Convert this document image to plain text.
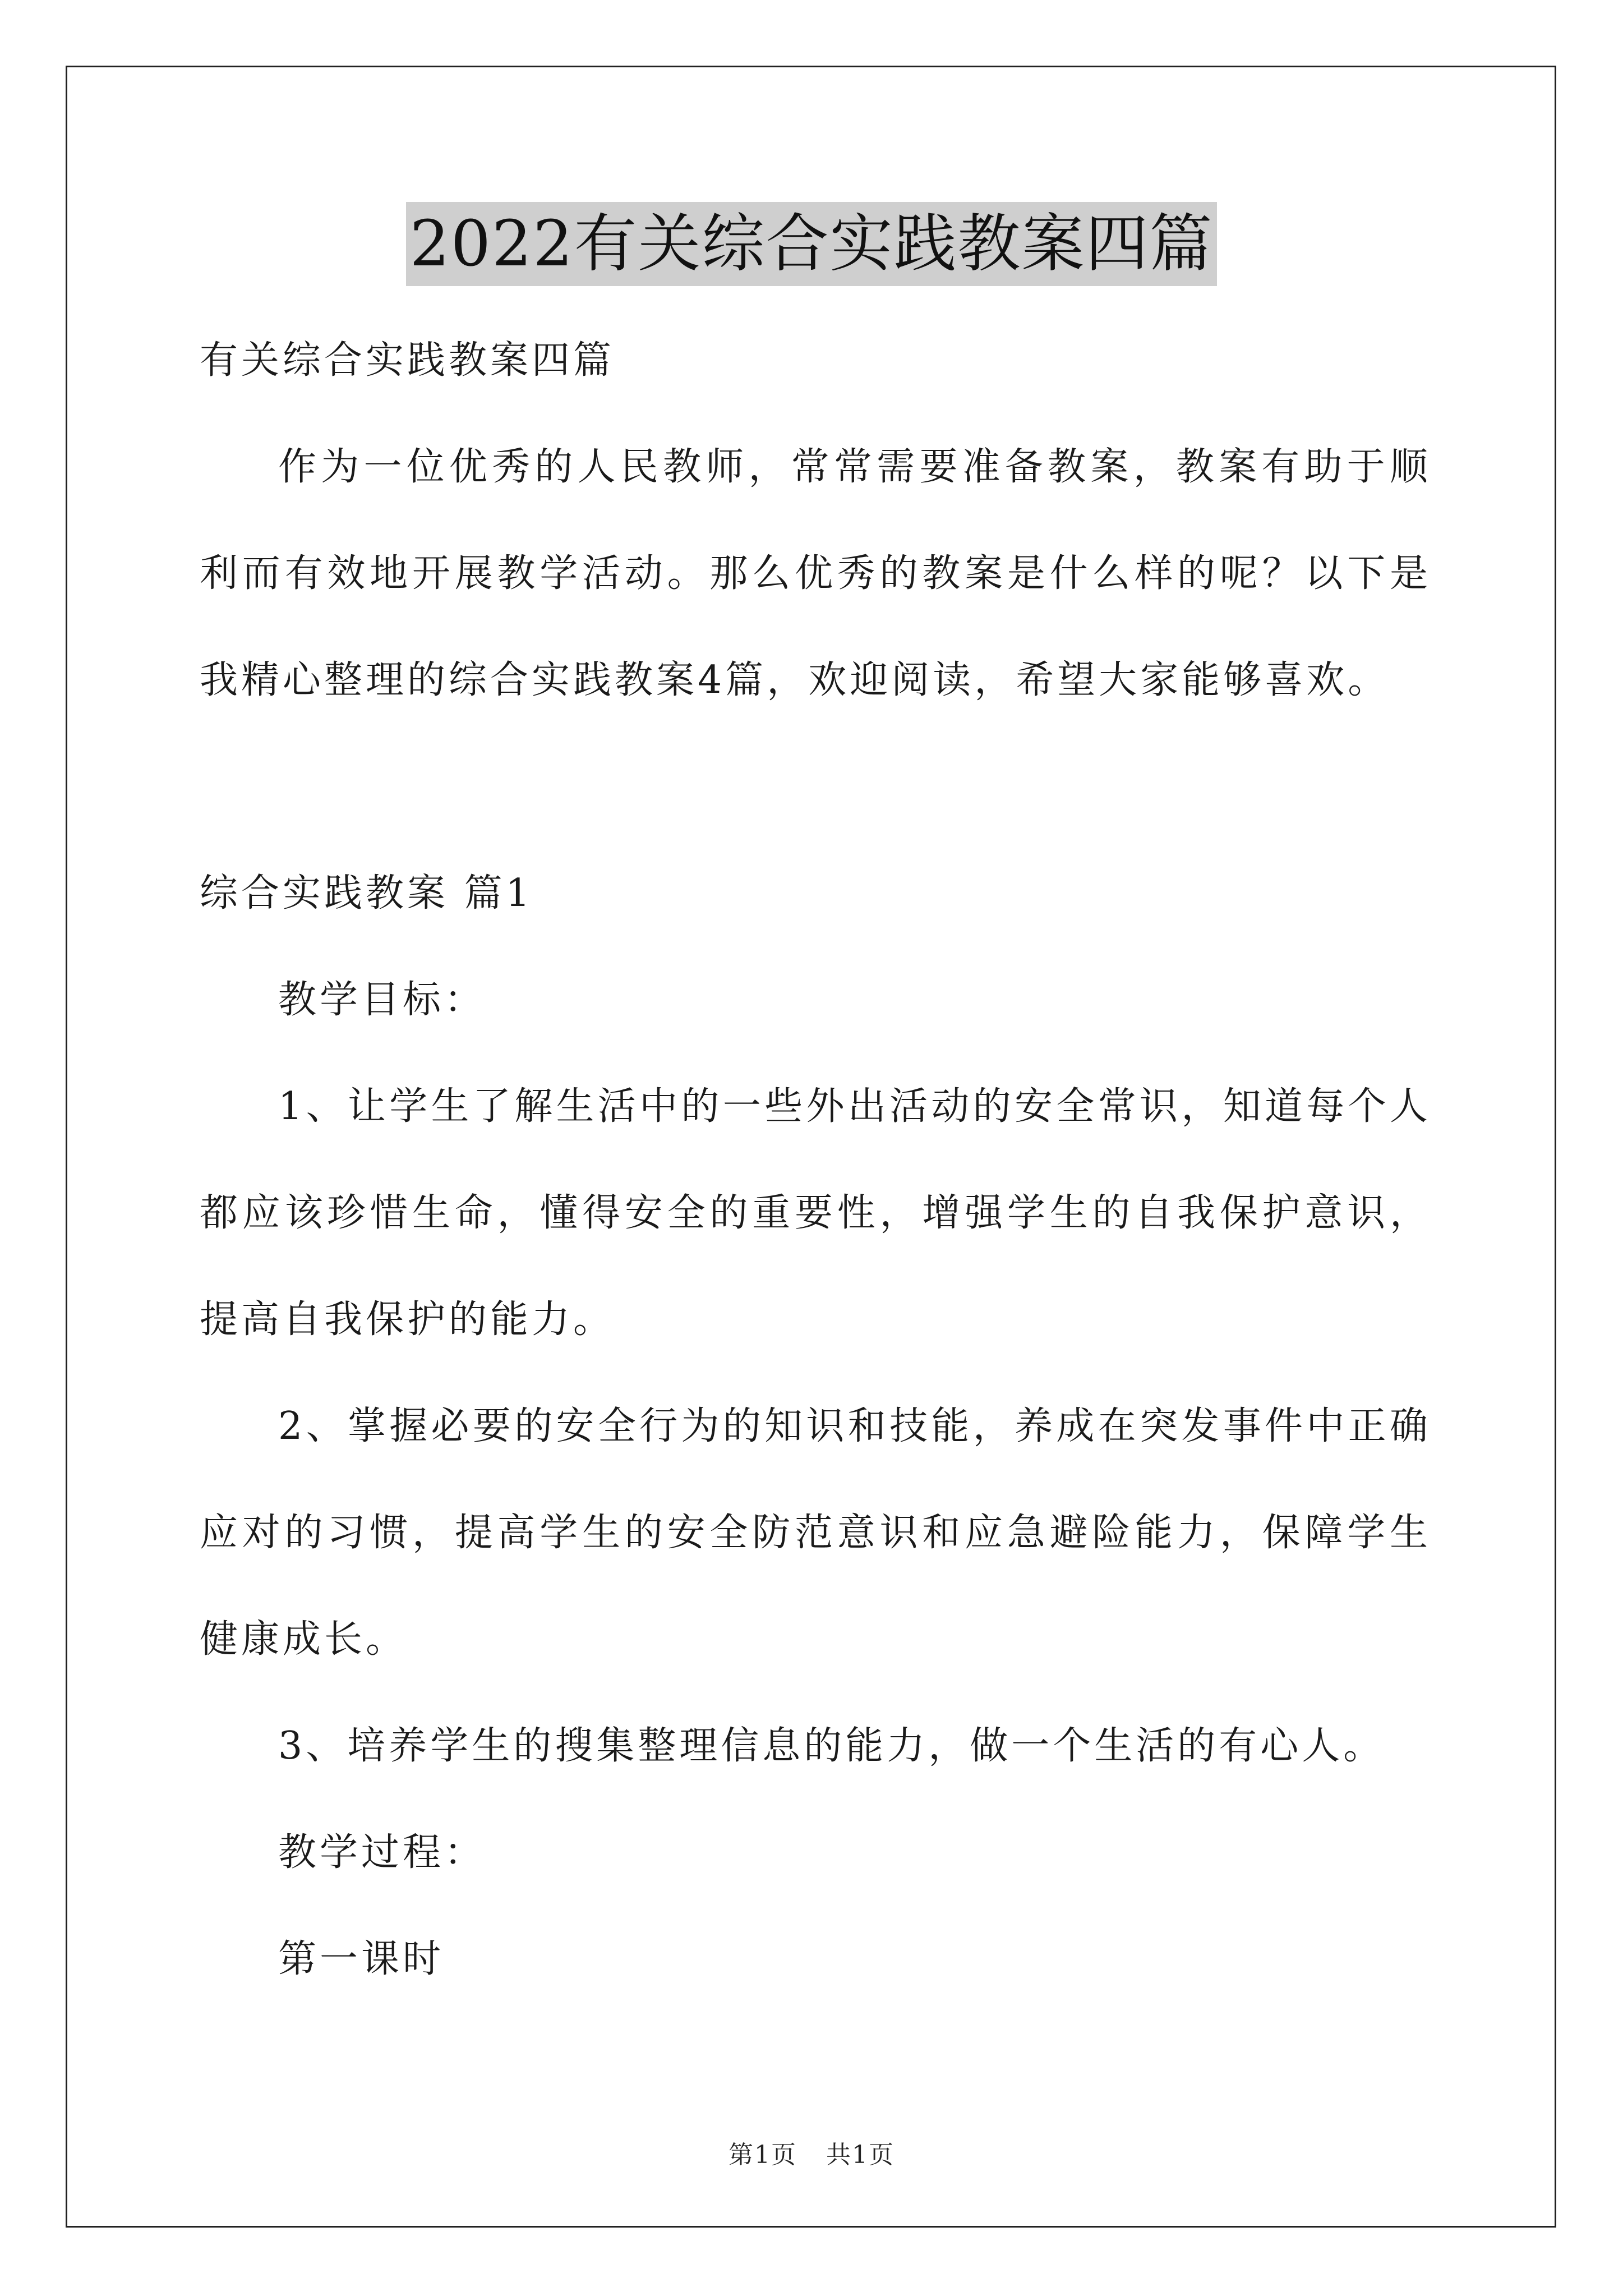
2022有关综合实践教案四篇

有关综合实践教案四篇

作为一位优秀的人民教师，常常需要准备教案，教案有助于顺利而有效地开展教学活动。那么优秀的教案是什么样的呢？以下是我精心整理的综合实践教案4篇，欢迎阅读，希望大家能够喜欢。

综合实践教案 篇1

教学目标：

1、让学生了解生活中的一些外出活动的安全常识，知道每个人都应该珍惜生命，懂得安全的重要性，增强学生的自我保护意识，提高自我保护的能力。

2、掌握必要的安全行为的知识和技能，养成在突发事件中正确应对的习惯，提高学生的安全防范意识和应急避险能力，保障学生健康成长。

3、培养学生的搜集整理信息的能力，做一个生活的有心人。

教学过程：

第一课时

第1页 共1页
